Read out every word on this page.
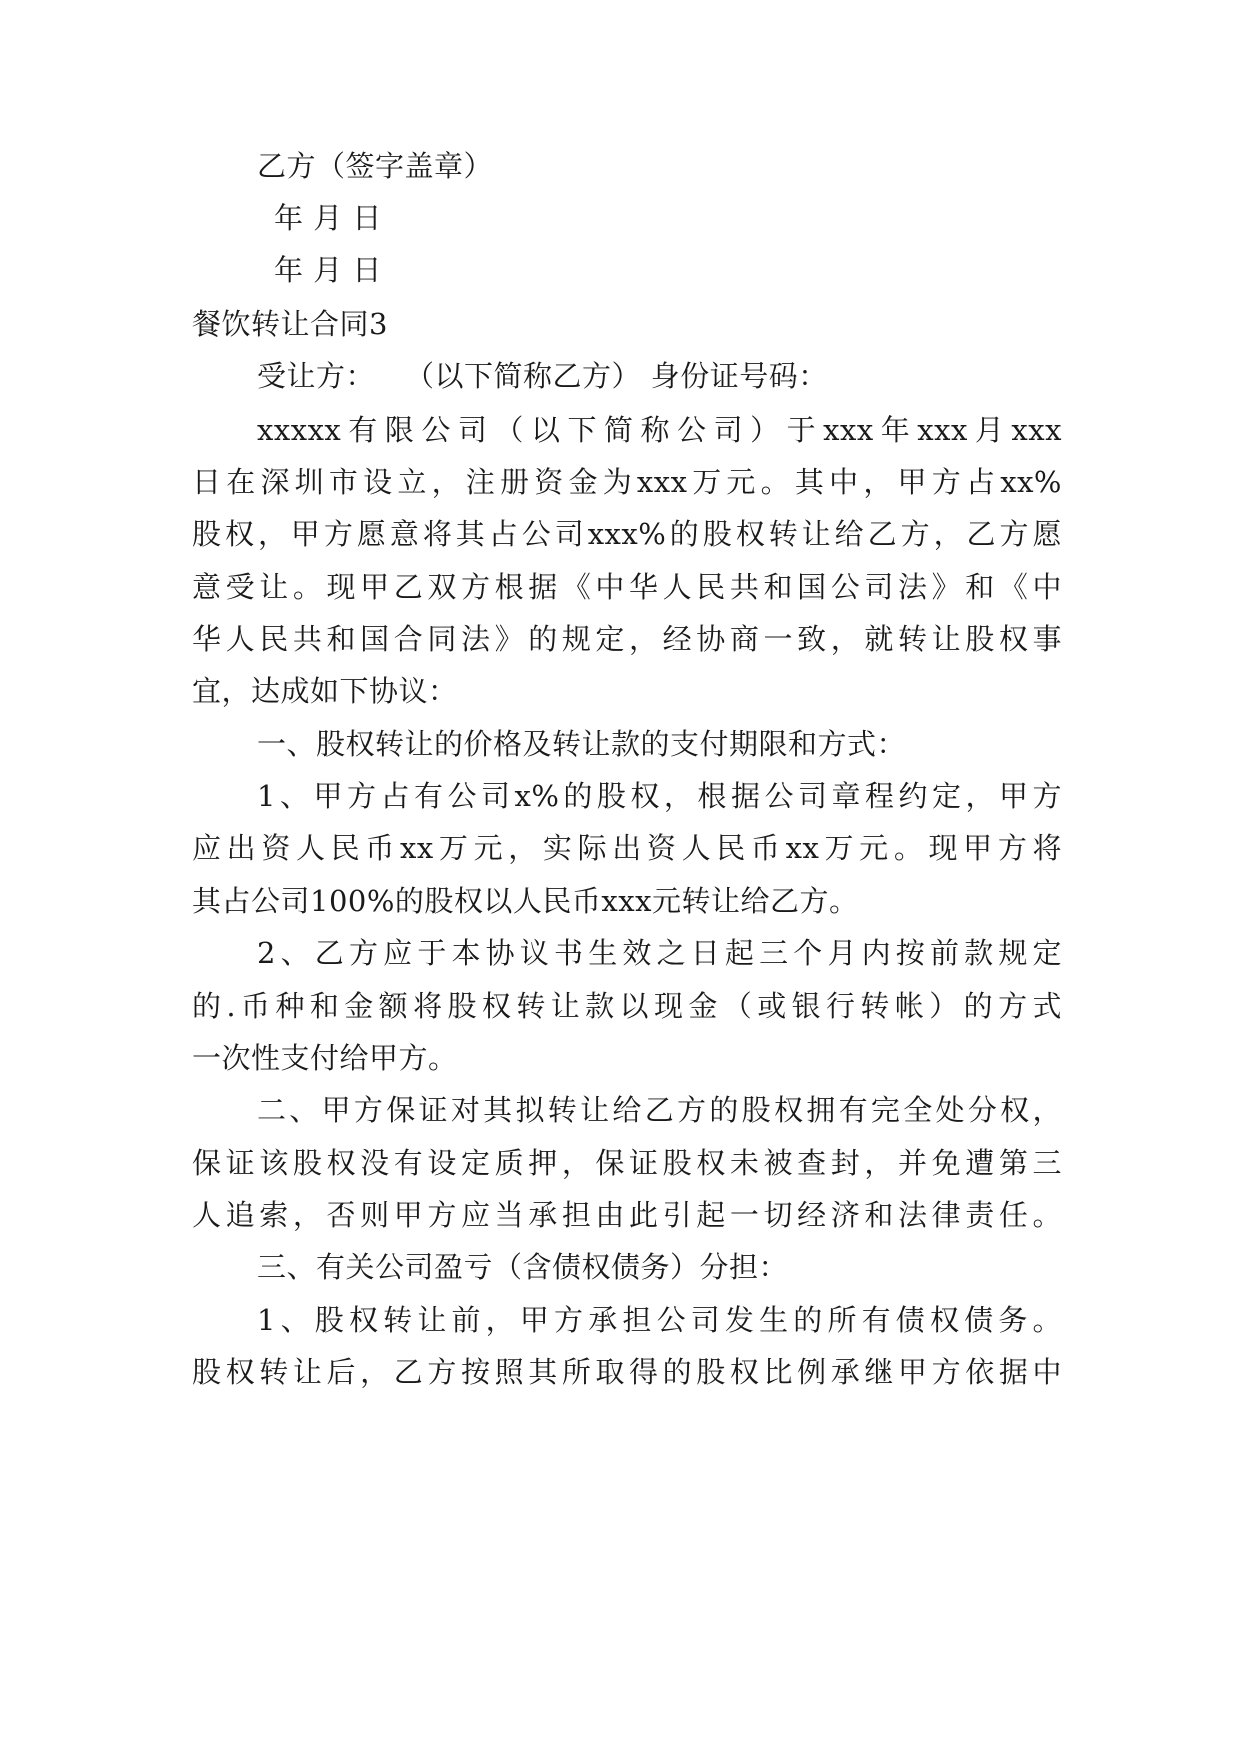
乙方（签字盖章）
年 月 日
年 月 日
餐饮转让合同3
受让方：　　（以下简称乙方） 身份证号码：
xxxxx有限公司（以下简称公司）于xxx年xxx月xxx
日在深圳市设立，注册资金为xxx万元。其中，甲方占xx%
股权，甲方愿意将其占公司xxx%的股权转让给乙方，乙方愿
意受让。现甲乙双方根据《中华人民共和国公司法》和《中
华人民共和国合同法》的规定，经协商一致，就转让股权事
宜，达成如下协议：
一、股权转让的价格及转让款的支付期限和方式：
1、甲方占有公司x%的股权，根据公司章程约定，甲方
应出资人民币xx万元，实际出资人民币xx万元。现甲方将
其占公司100%的股权以人民币xxx元转让给乙方。
2、乙方应于本协议书生效之日起三个月内按前款规定
的.币种和金额将股权转让款以现金（或银行转帐）的方式
一次性支付给甲方。
二、甲方保证对其拟转让给乙方的股权拥有完全处分权，
保证该股权没有设定质押，保证股权未被查封，并免遭第三
人追索，否则甲方应当承担由此引起一切经济和法律责任。
三、有关公司盈亏（含债权债务）分担：
1、股权转让前，甲方承担公司发生的所有债权债务。
股权转让后，乙方按照其所取得的股权比例承继甲方依据中
